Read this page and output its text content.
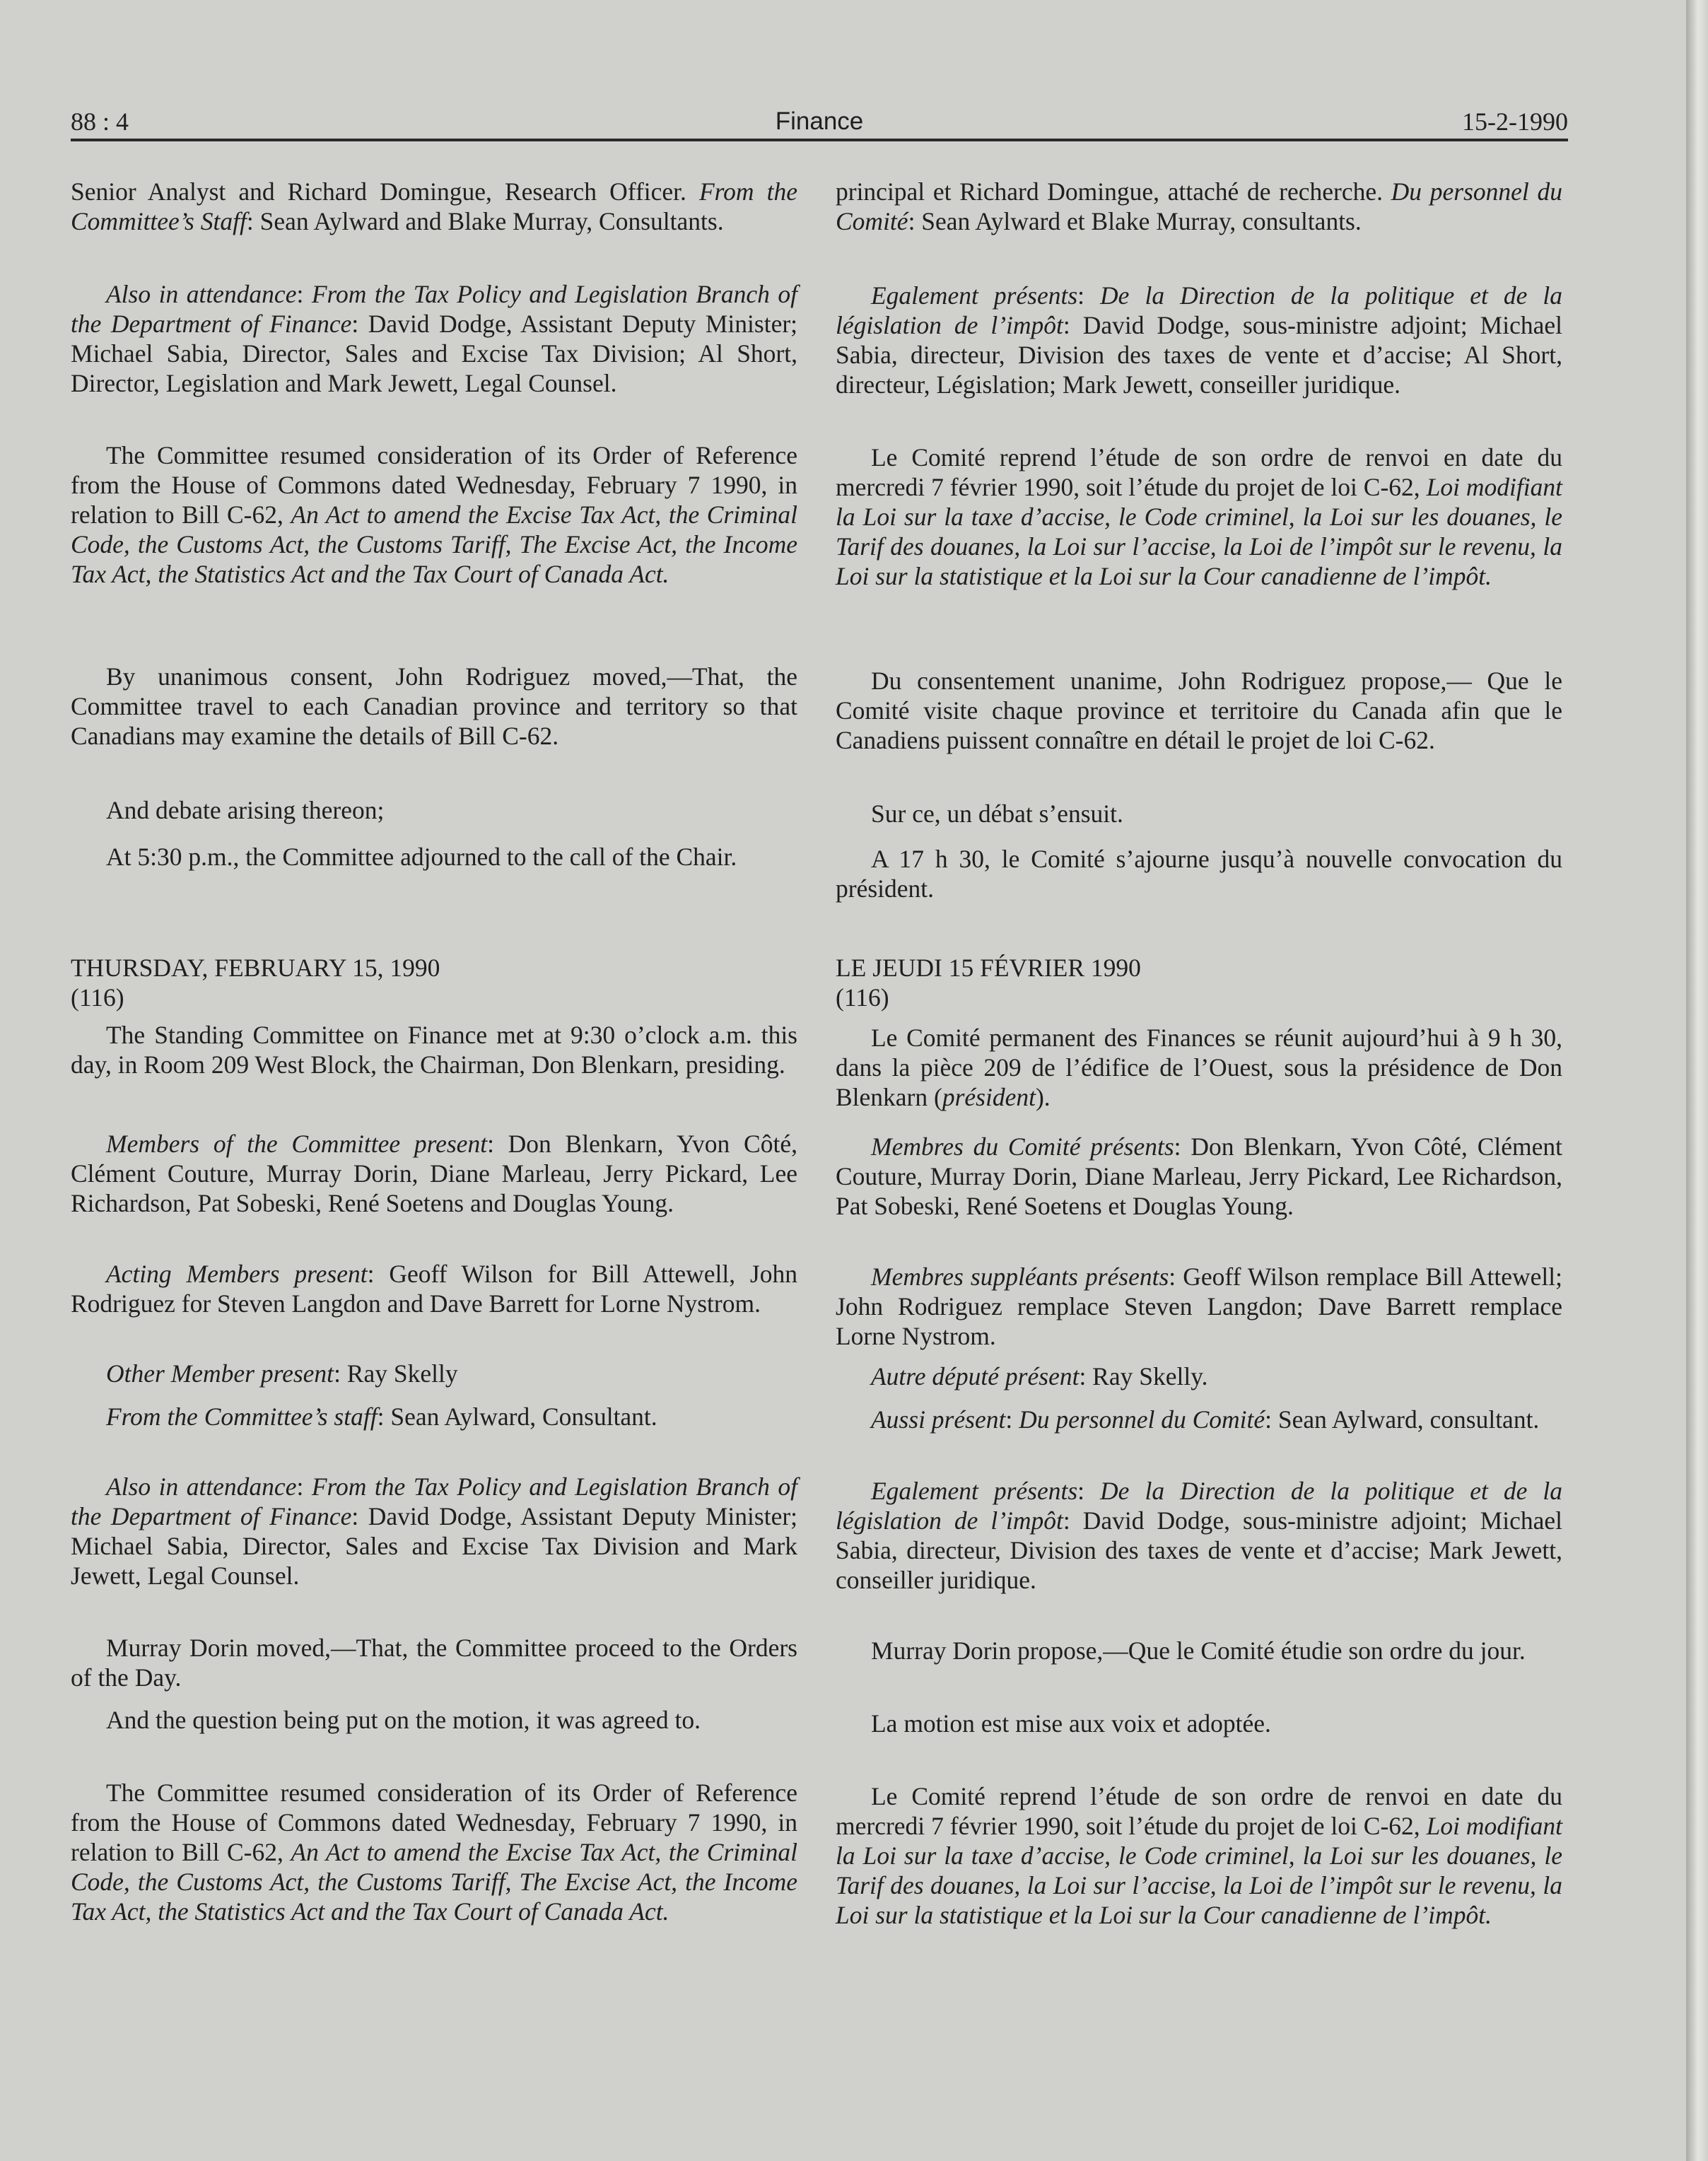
88 : 4	Finance	15-2-1990

Senior Analyst and Richard Domingue, Research Officer. From the Committee’s Staff: Sean Aylward and Blake Murray, Consultants.

Also in attendance: From the Tax Policy and Legislation Branch of the Department of Finance: David Dodge, Assistant Deputy Minister; Michael Sabia, Director, Sales and Excise Tax Division; Al Short, Director, Legislation and Mark Jewett, Legal Counsel.

The Committee resumed consideration of its Order of Reference from the House of Commons dated Wednesday, February 7 1990, in relation to Bill C-62, An Act to amend the Excise Tax Act, the Criminal Code, the Customs Act, the Customs Tariff, The Excise Act, the Income Tax Act, the Statistics Act and the Tax Court of Canada Act.

By unanimous consent, John Rodriguez moved,—That, the Committee travel to each Canadian province and territory so that Canadians may examine the details of Bill C-62.

And debate arising thereon;

At 5:30 p.m., the Committee adjourned to the call of the Chair.

THURSDAY, FEBRUARY 15, 1990
(116)

The Standing Committee on Finance met at 9:30 o’clock a.m. this day, in Room 209 West Block, the Chairman, Don Blenkarn, presiding.

Members of the Committee present: Don Blenkarn, Yvon Côté, Clément Couture, Murray Dorin, Diane Marleau, Jerry Pickard, Lee Richardson, Pat Sobeski, René Soetens and Douglas Young.

Acting Members present: Geoff Wilson for Bill Attewell, John Rodriguez for Steven Langdon and Dave Barrett for Lorne Nystrom.

Other Member present: Ray Skelly

From the Committee’s staff: Sean Aylward, Consultant.

Also in attendance: From the Tax Policy and Legislation Branch of the Department of Finance: David Dodge, Assistant Deputy Minister; Michael Sabia, Director, Sales and Excise Tax Division and Mark Jewett, Legal Counsel.

Murray Dorin moved,—That, the Committee proceed to the Orders of the Day.

And the question being put on the motion, it was agreed to.

The Committee resumed consideration of its Order of Reference from the House of Commons dated Wednesday, February 7 1990, in relation to Bill C-62, An Act to amend the Excise Tax Act, the Criminal Code, the Customs Act, the Customs Tariff, The Excise Act, the Income Tax Act, the Statistics Act and the Tax Court of Canada Act.

principal et Richard Domingue, attaché de recherche. Du personnel du Comité: Sean Aylward et Blake Murray, consultants.

Egalement présents: De la Direction de la politique et de la législation de l’impôt: David Dodge, sous-ministre adjoint; Michael Sabia, directeur, Division des taxes de vente et d’accise; Al Short, directeur, Législation; Mark Jewett, conseiller juridique.

Le Comité reprend l’étude de son ordre de renvoi en date du mercredi 7 février 1990, soit l’étude du projet de loi C-62, Loi modifiant la Loi sur la taxe d’accise, le Code criminel, la Loi sur les douanes, le Tarif des douanes, la Loi sur l’accise, la Loi de l’impôt sur le revenu, la Loi sur la statistique et la Loi sur la Cour canadienne de l’impôt.

Du consentement unanime, John Rodriguez propose,— Que le Comité visite chaque province et territoire du Canada afin que le Canadiens puissent connaître en détail le projet de loi C-62.

Sur ce, un débat s’ensuit.

A 17 h 30, le Comité s’ajourne jusqu’à nouvelle convocation du président.

LE JEUDI 15 FÉVRIER 1990
(116)

Le Comité permanent des Finances se réunit aujourd’hui à 9 h 30, dans la pièce 209 de l’édifice de l’Ouest, sous la présidence de Don Blenkarn (président).

Membres du Comité présents: Don Blenkarn, Yvon Côté, Clément Couture, Murray Dorin, Diane Marleau, Jerry Pickard, Lee Richardson, Pat Sobeski, René Soetens et Douglas Young.

Membres suppléants présents: Geoff Wilson remplace Bill Attewell; John Rodriguez remplace Steven Langdon; Dave Barrett remplace Lorne Nystrom.

Autre député présent: Ray Skelly.

Aussi présent: Du personnel du Comité: Sean Aylward, consultant.

Egalement présents: De la Direction de la politique et de la législation de l’impôt: David Dodge, sous-ministre adjoint; Michael Sabia, directeur, Division des taxes de vente et d’accise; Mark Jewett, conseiller juridique.

Murray Dorin propose,—Que le Comité étudie son ordre du jour.

La motion est mise aux voix et adoptée.

Le Comité reprend l’étude de son ordre de renvoi en date du mercredi 7 février 1990, soit l’étude du projet de loi C-62, Loi modifiant la Loi sur la taxe d’accise, le Code criminel, la Loi sur les douanes, le Tarif des douanes, la Loi sur l’accise, la Loi de l’impôt sur le revenu, la Loi sur la statistique et la Loi sur la Cour canadienne de l’impôt.
